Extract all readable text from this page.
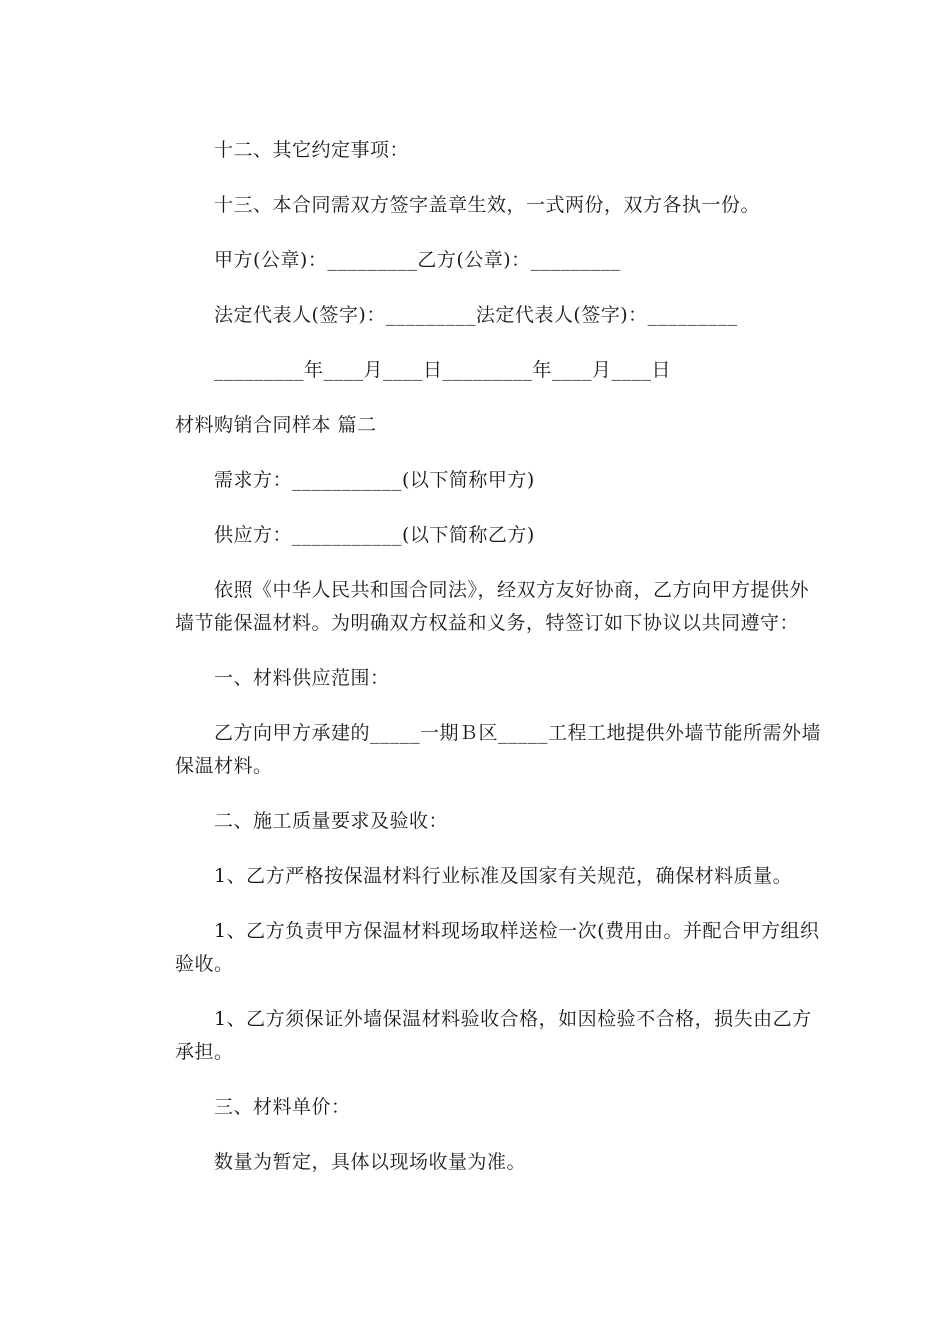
十二、其它约定事项：
十三、本合同需双方签字盖章生效，一式两份，双方各执一份。
甲方(公章)：_________乙方(公章)：_________
法定代表人(签字)：_________法定代表人(签字)：_________
_________年____月____日_________年____月____日
材料购销合同样本 篇二
需求方：___________(以下简称甲方)
供应方：___________(以下简称乙方)
依照《中华人民共和国合同法》，经双方友好协商，乙方向甲方提供外
墙节能保温材料。为明确双方权益和义务，特签订如下协议以共同遵守：
一、材料供应范围：
乙方向甲方承建的_____一期Ｂ区_____工程工地提供外墙节能所需外墙
保温材料。
二、施工质量要求及验收：
1、乙方严格按保温材料行业标准及国家有关规范，确保材料质量。
1、乙方负责甲方保温材料现场取样送检一次(费用由。并配合甲方组织
验收。
1、乙方须保证外墙保温材料验收合格，如因检验不合格，损失由乙方
承担。
三、材料单价：
数量为暂定，具体以现场收量为准。
